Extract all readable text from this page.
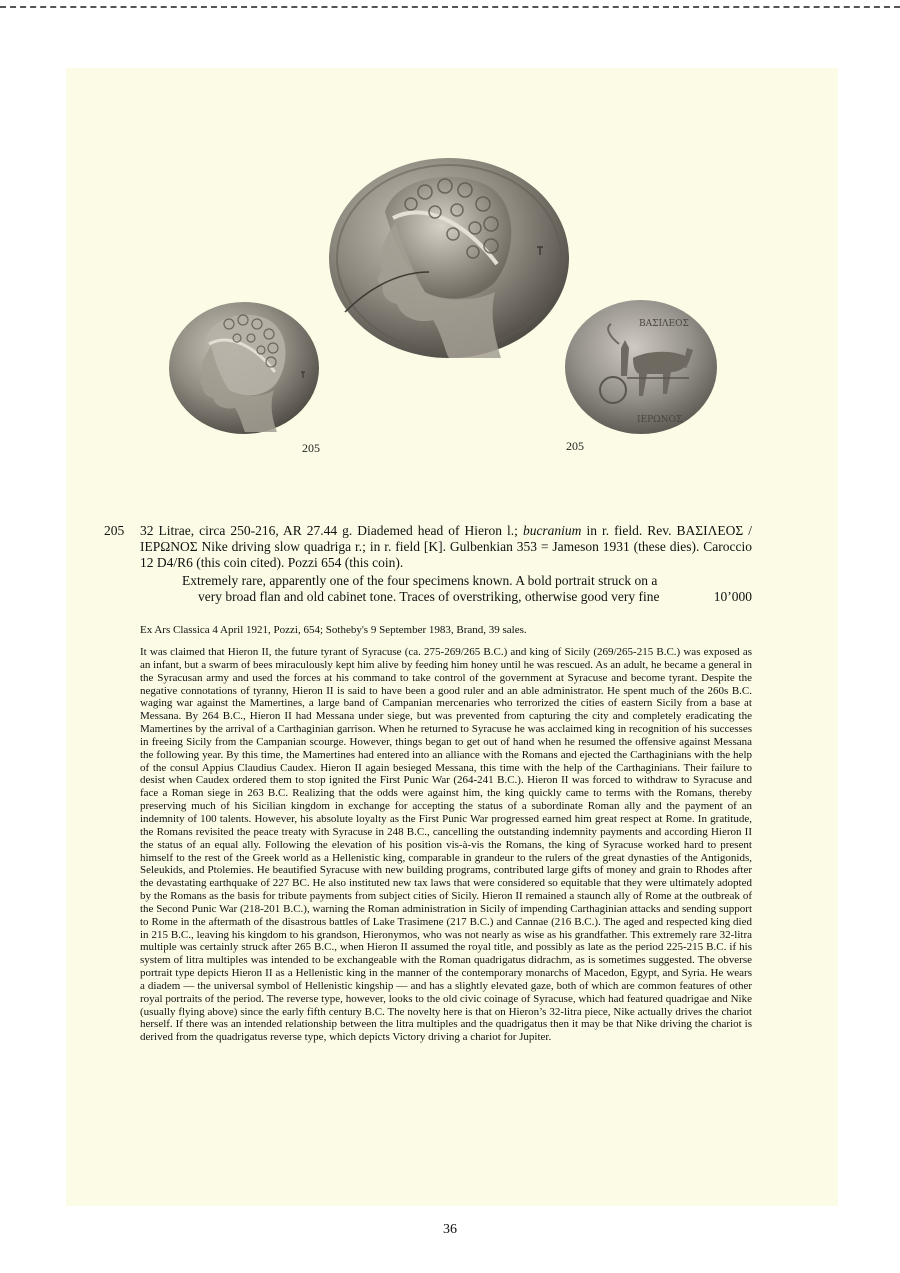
205
ΒΑΣΙΛΕΟΣ
ΙΕΡΩΝΟΣ
205
205 32 Litrae, circa 250-216, AR 27.44 g. Diademed head of Hieron l.; bucranium in r. field. Rev. ΒΑΣΙΛΕΟΣ / ΙΕΡΩΝΟΣ Nike driving slow quadriga r.; in r. field [K]. Gulbenkian 353 = Jameson 1931 (these dies). Caroccio 12 D4/R6 (this coin cited). Pozzi 654 (this coin).

Extremely rare, apparently one of the four specimens known. A bold portrait struck on a
very broad flan and old cabinet tone. Traces of overstriking, otherwise good very fine	10’000
Ex Ars Classica 4 April 1921, Pozzi, 654; Sotheby's 9 September 1983, Brand, 39 sales.

It was claimed that Hieron II, the future tyrant of Syracuse (ca. 275-269/265 B.C.) and king of Sicily (269/265-215 B.C.) was exposed as an infant, but a swarm of bees miraculously kept him alive by feeding him honey until he was rescued. As an adult, he became a general in the Syracusan army and used the forces at his command to take control of the government at Syracuse and become tyrant. Despite the negative connotations of tyranny, Hieron II is said to have been a good ruler and an able administrator. He spent much of the 260s B.C. waging war against the Mamertines, a large band of Campanian mercenaries who terrorized the cities of eastern Sicily from a base at Messana. By 264 B.C., Hieron II had Messana under siege, but was prevented from capturing the city and completely eradicating the Mamertines by the arrival of a Carthaginian garrison. When he returned to Syracuse he was acclaimed king in recognition of his successes in freeing Sicily from the Campanian scourge. However, things began to get out of hand when he resumed the offensive against Messana the following year. By this time, the Mamertines had entered into an alliance with the Romans and ejected the Carthaginians with the help of the consul Appius Claudius Caudex. Hieron II again besieged Messana, this time with the help of the Carthaginians. Their failure to desist when Caudex ordered them to stop ignited the First Punic War (264-241 B.C.). Hieron II was forced to withdraw to Syracuse and face a Roman siege in 263 B.C. Realizing that the odds were against him, the king quickly came to terms with the Romans, thereby preserving much of his Sicilian kingdom in exchange for accepting the status of a subordinate Roman ally and the payment of an indemnity of 100 talents. However, his absolute loyalty as the First Punic War progressed earned him great respect at Rome. In gratitude, the Romans revisited the peace treaty with Syracuse in 248 B.C., cancelling the outstanding indemnity payments and according Hieron II the status of an equal ally. Following the elevation of his position vis-à-vis the Romans, the king of Syracuse worked hard to present himself to the rest of the Greek world as a Hellenistic king, comparable in grandeur to the rulers of the great dynasties of the Antigonids, Seleukids, and Ptolemies. He beautified Syracuse with new building programs, contributed large gifts of money and grain to Rhodes after the devastating earthquake of 227 BC. He also instituted new tax laws that were considered so equitable that they were ultimately adopted by the Romans as the basis for tribute payments from subject cities of Sicily. Hieron II remained a staunch ally of Rome at the outbreak of the Second Punic War (218-201 B.C.), warning the Roman administration in Sicily of impending Carthaginian attacks and sending support to Rome in the aftermath of the disastrous battles of Lake Trasimene (217 B.C.) and Cannae (216 B.C.). The aged and respected king died in 215 B.C., leaving his kingdom to his grandson, Hieronymos, who was not nearly as wise as his grandfather. This extremely rare 32-litra multiple was certainly struck after 265 B.C., when Hieron II assumed the royal title, and possibly as late as the period 225-215 B.C. if his system of litra multiples was intended to be exchangeable with the Roman quadrigatus didrachm, as is sometimes suggested. The obverse portrait type depicts Hieron II as a Hellenistic king in the manner of the contemporary monarchs of Macedon, Egypt, and Syria. He wears a diadem — the universal symbol of Hellenistic kingship — and has a slightly elevated gaze, both of which are common features of other royal portraits of the period. The reverse type, however, looks to the old civic coinage of Syracuse, which had featured quadrigae and Nike (usually flying above) since the early fifth century B.C. The novelty here is that on Hieron’s 32-litra piece, Nike actually drives the chariot herself. If there was an intended relationship between the litra multiples and the quadrigatus then it may be that Nike driving the chariot is derived from the quadrigatus reverse type, which depicts Victory driving a chariot for Jupiter.

36
